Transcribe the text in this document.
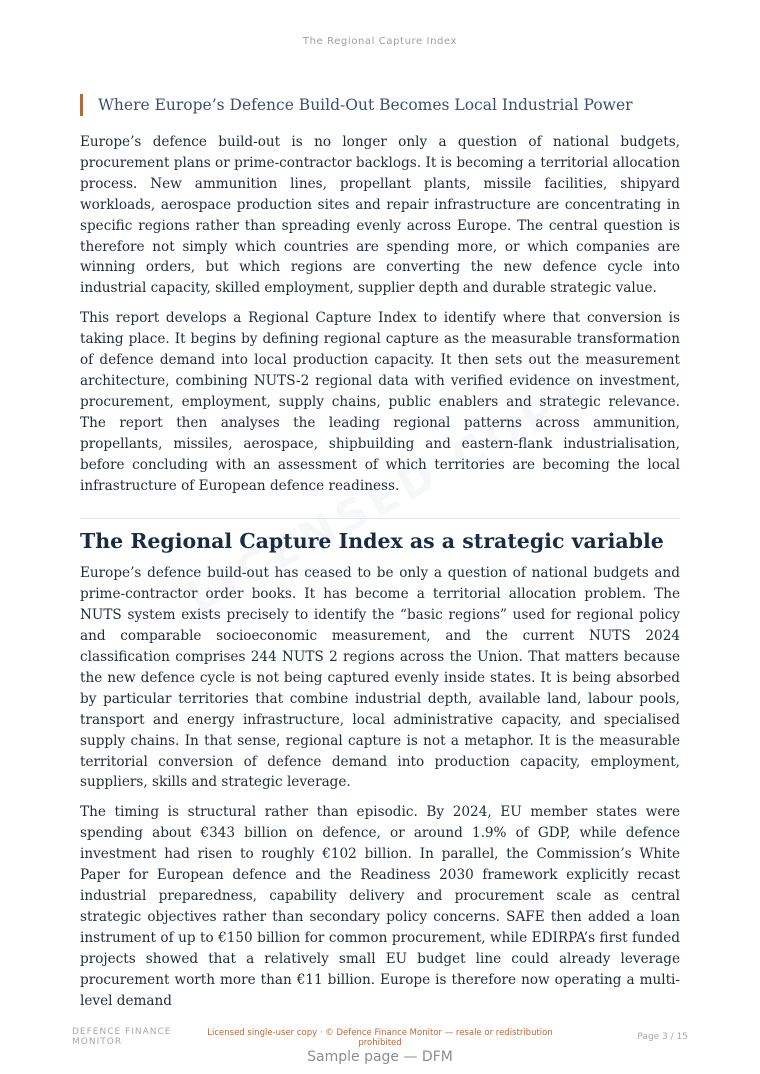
The Regional Capture Index
Where Europe’s Defence Build-Out Becomes Local Industrial Power

Europe’s defence build-out is no longer only a question of national budgets, procurement plans or prime-contractor backlogs. It is becoming a territorial allocation process. New ammunition lines, propellant plants, missile facilities, shipyard workloads, aerospace production sites and repair infrastructure are concentrating in specific regions rather than spreading evenly across Europe. The central question is therefore not simply which countries are spending more, or which companies are winning orders, but which regions are converting the new defence cycle into industrial capacity, skilled employment, supplier depth and durable strategic value.

This report develops a Regional Capture Index to identify where that conversion is taking place. It begins by defining regional capture as the measurable transformation of defence demand into local production capacity. It then sets out the measurement architecture, combining NUTS-2 regional data with verified evidence on investment, procurement, employment, supply chains, public enablers and strategic relevance. The report then analyses the leading regional patterns across ammunition, propellants, missiles, aerospace, shipbuilding and eastern-flank industrialisation, before concluding with an assessment of which territories are becoming the local infrastructure of European defence readiness.

The Regional Capture Index as a strategic variable

Europe’s defence build-out has ceased to be only a question of national budgets and prime-contractor order books. It has become a territorial allocation problem. The NUTS system exists precisely to identify the “basic regions” used for regional policy and comparable socioeconomic measurement, and the current NUTS 2024 classification comprises 244 NUTS 2 regions across the Union. That matters because the new defence cycle is not being captured evenly inside states. It is being absorbed by particular territories that combine industrial depth, available land, labour pools, transport and energy infrastructure, local administrative capacity, and specialised supply chains. In that sense, regional capture is not a metaphor. It is the measurable territorial conversion of defence demand into production capacity, employment, suppliers, skills and strategic leverage.

The timing is structural rather than episodic. By 2024, EU member states were spending about €343 billion on defence, or around 1.9% of GDP, while defence investment had risen to roughly €102 billion. In parallel, the Commission’s White Paper for European defence and the Readiness 2030 framework explicitly recast industrial preparedness, capability delivery and procurement scale as central strategic objectives rather than secondary policy concerns. SAFE then added a loan instrument of up to €150 billion for common procurement, while EDIRPA’s first funded projects showed that a relatively small EU budget line could already leverage procurement worth more than €11 billion. Europe is therefore now operating a multi-level demand

DEFENCE FINANCE
MONITOR
Licensed single-user copy · © Defence Finance Monitor — resale or redistribution prohibited
Page 3 / 15
Sample page — DFM
